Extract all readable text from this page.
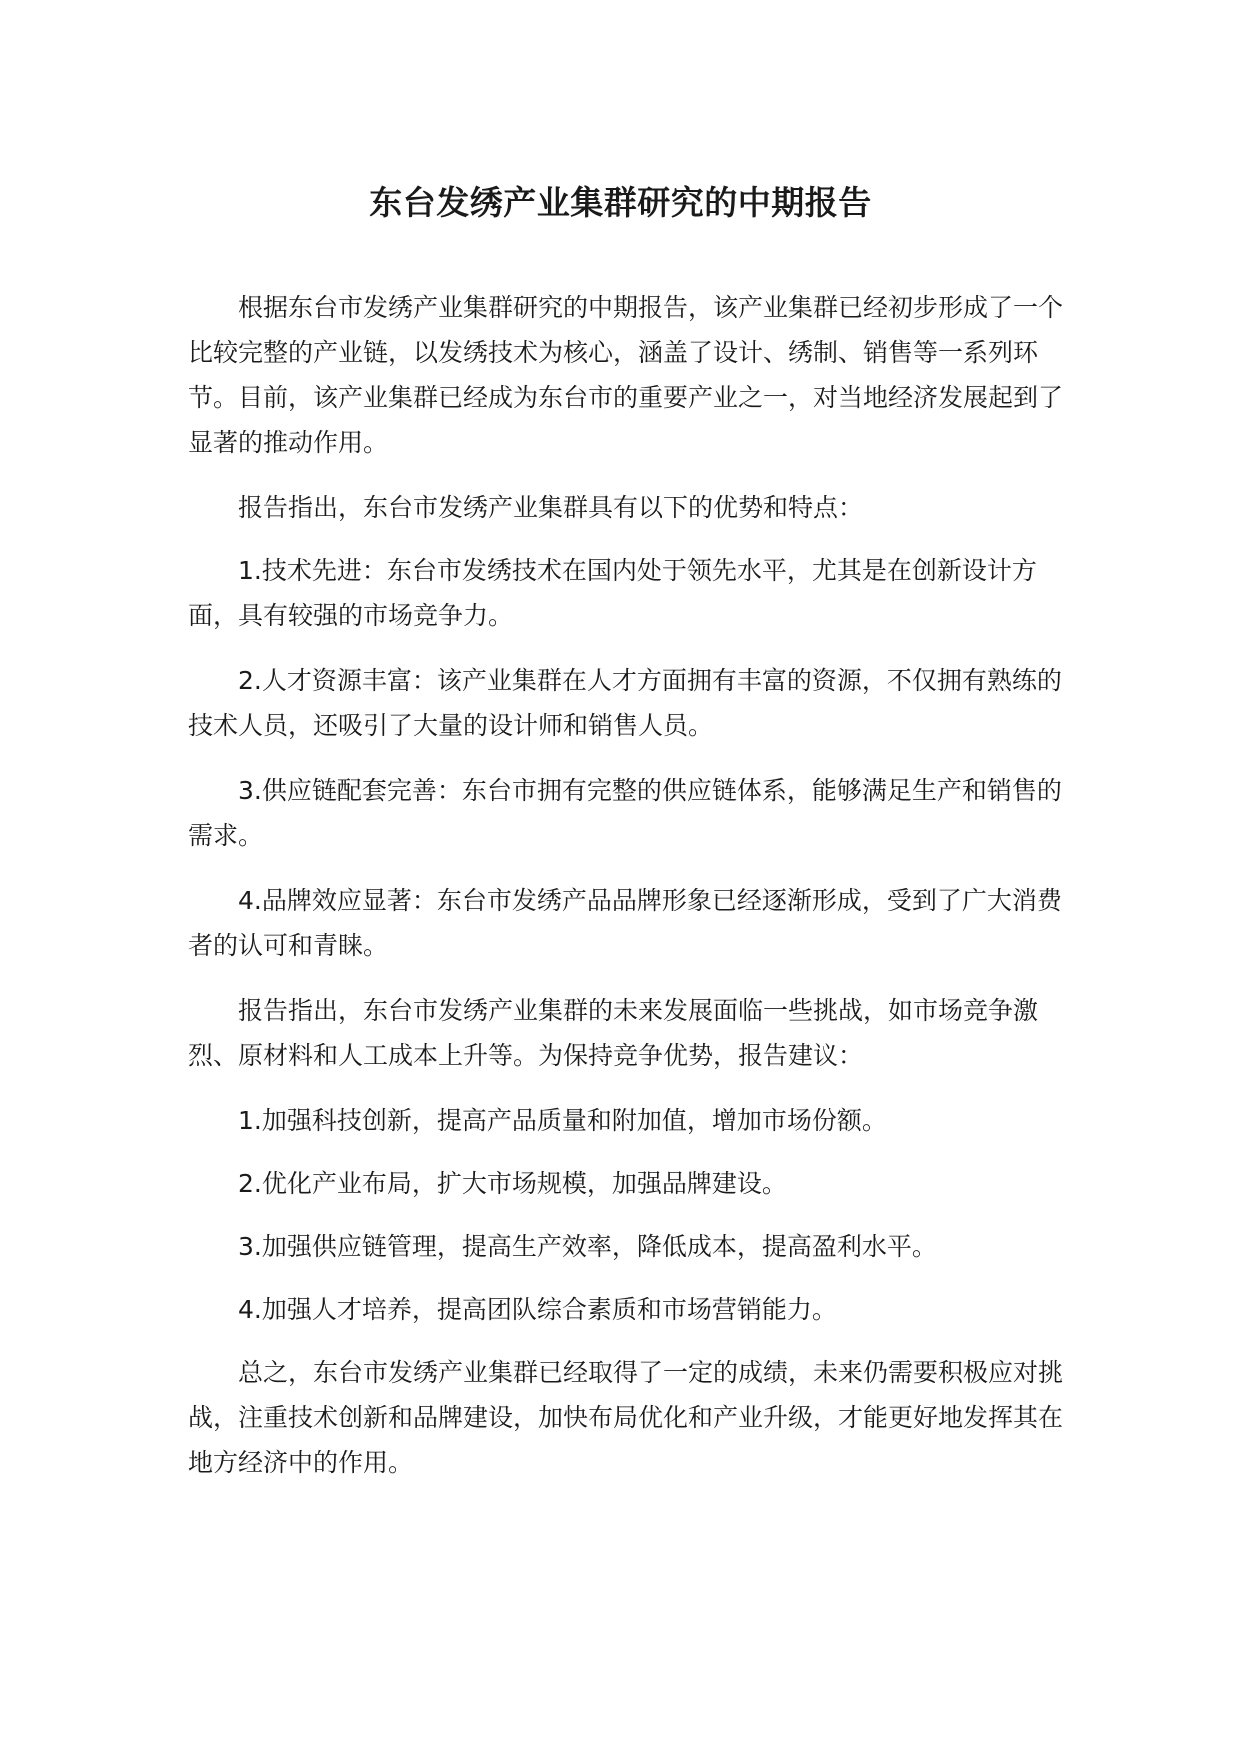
东台发绣产业集群研究的中期报告

根据东台市发绣产业集群研究的中期报告，该产业集群已经初步形成了一个比较完整的产业链，以发绣技术为核心，涵盖了设计、绣制、销售等一系列环节。目前，该产业集群已经成为东台市的重要产业之一，对当地经济发展起到了显著的推动作用。

报告指出，东台市发绣产业集群具有以下的优势和特点：

1.技术先进：东台市发绣技术在国内处于领先水平，尤其是在创新设计方面，具有较强的市场竞争力。

2.人才资源丰富：该产业集群在人才方面拥有丰富的资源，不仅拥有熟练的技术人员，还吸引了大量的设计师和销售人员。

3.供应链配套完善：东台市拥有完整的供应链体系，能够满足生产和销售的需求。

4.品牌效应显著：东台市发绣产品品牌形象已经逐渐形成，受到了广大消费者的认可和青睐。

报告指出，东台市发绣产业集群的未来发展面临一些挑战，如市场竞争激烈、原材料和人工成本上升等。为保持竞争优势，报告建议：

1.加强科技创新，提高产品质量和附加值，增加市场份额。

2.优化产业布局，扩大市场规模，加强品牌建设。

3.加强供应链管理，提高生产效率，降低成本，提高盈利水平。

4.加强人才培养，提高团队综合素质和市场营销能力。

总之，东台市发绣产业集群已经取得了一定的成绩，未来仍需要积极应对挑战，注重技术创新和品牌建设，加快布局优化和产业升级，才能更好地发挥其在地方经济中的作用。
